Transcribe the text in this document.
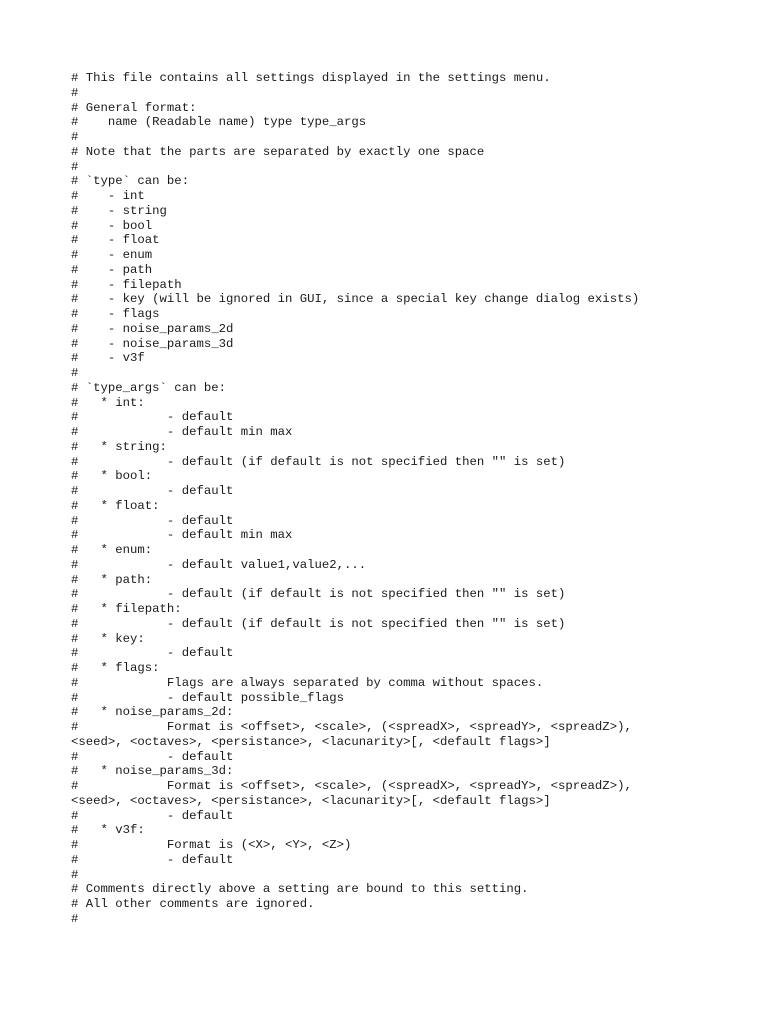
# This file contains all settings displayed in the settings menu.
#
# General format:
#    name (Readable name) type type_args
#
# Note that the parts are separated by exactly one space
#
# `type` can be:
#    - int
#    - string
#    - bool
#    - float
#    - enum
#    - path
#    - filepath
#    - key (will be ignored in GUI, since a special key change dialog exists)
#    - flags
#    - noise_params_2d
#    - noise_params_3d
#    - v3f
#
# `type_args` can be:
#   * int:
#            - default
#            - default min max
#   * string:
#            - default (if default is not specified then "" is set)
#   * bool:
#            - default
#   * float:
#            - default
#            - default min max
#   * enum:
#            - default value1,value2,...
#   * path:
#            - default (if default is not specified then "" is set)
#   * filepath:
#            - default (if default is not specified then "" is set)
#   * key:
#            - default
#   * flags:
#            Flags are always separated by comma without spaces.
#            - default possible_flags
#   * noise_params_2d:
#            Format is <offset>, <scale>, (<spreadX>, <spreadY>, <spreadZ>),
<seed>, <octaves>, <persistance>, <lacunarity>[, <default flags>]
#            - default
#   * noise_params_3d:
#            Format is <offset>, <scale>, (<spreadX>, <spreadY>, <spreadZ>),
<seed>, <octaves>, <persistance>, <lacunarity>[, <default flags>]
#            - default
#   * v3f:
#            Format is (<X>, <Y>, <Z>)
#            - default
#
# Comments directly above a setting are bound to this setting.
# All other comments are ignored.
#
